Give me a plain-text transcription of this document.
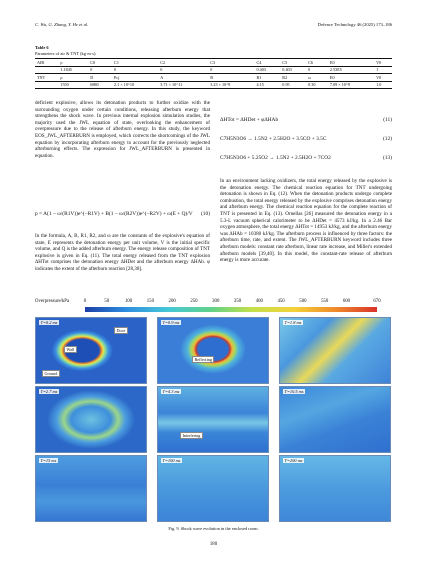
C. Wu, G. Zhang, Y. He et al.	Defence Technology 46 (2025) 173–186
Table 6
Parameters of air & TNT (kg·m·s).
AIR	ρ	C0	C1	C2	C3	C4	C5	C6	E0	V0
	1.1845	0	0	0	0	0.403	0.403	0	2.53E5	1
TNT	ρ	D	Pcj	A	B	R1	R2	ω	E0	V0
	1550	6880	2.1 × 10^10	3.71 × 10^11	3.23 × 10^9	4.15	0.95	0.30	7.09 × 10^9	1.0

deficient explosive, allows its detonation products to further oxidize with the surrounding oxygen under certain conditions, releasing afterburn energy that strengthens the shock wave. In previous internal explosion simulation studies, the majority used the JWL equation of state, overlooking the enhancement of overpressure due to the release of afterburn energy. In this study, the keyword EOS_JWL_AFTERBURN is employed, which corrects the shortcomings of the JWL equation by incorporating afterburn energy to account for the previously neglected afterburning effects. The expression for JWL_AFTERBURN is presented in equation.

p = A(1 − ω/(R1V))e^(−R1V) + B(1 − ω/(R2V))e^(−R2V) + ω(E + Q)/V (10)

In the formula, A, B, R1, R2, and ω are the constants of the explosive's equation of state, E represents the detonation energy per unit volume, V is the initial specific volume, and Q is the added afterburn energy. The energy release composition of TNT explosive is given in Eq. (11). The total energy released from the TNT explosion ΔHTot comprises the detonation energy ΔHDet and the afterburn energy ΔHAb. φ indicates the extent of the afterburn reaction [28,38].

ΔHTot = ΔHDet + φΔHAb	(11)
C7H5N3O6 → 1.5N2 + 2.5H2O + 3.5CO + 3.5C	(12)
C7H5N3O6 + 5.25O2 → 1.5N2 + 2.5H2O + 7CO2	(13)

In an environment lacking oxidizers, the total energy released by the explosive is the detonation energy. The chemical reaction equation for TNT undergoing detonation is shown in Eq. (12). When the detonation products undergo complete combustion, the total energy released by the explosive comprises detonation energy and afterburn energy. The chemical reaction equation for the complete reaction of TNT is presented in Eq. (13). Ornellas [26] measured the detonation energy in a 5.3-L vacuum spherical calorimeter to be ΔHDet = 4573 kJ/kg. In a 2.46 Bar oxygen atmosphere, the total energy ΔHTot = 14953 kJ/kg, and the afterburn energy was ΔHAb = 10380 kJ/kg. The afterburn process is influenced by three factors: the afterburn time, rate, and extent. The JWL_AFTERBURN keyword includes three afterburn models: constant rate afterburn, linear rate increase, and Miller's extended afterburn models [39,40]. In this model, the constant-rate release of afterburn energy is more accurate.

Overpressure/kPa	0	50	100	150	200	250	300	350	400	450	500	550	600	670
T=0.2 ms
Wall
Door
Ground
T=0.9 ms
Reflecting
T=1.8 ms
T=2.7 ms	T=4.3 ms
Interfering
T=10.5 ms
T=15 ms	T=100 ms	T=200 ms
Fig. 9. Shock wave evolution in the enclosed room.
180
